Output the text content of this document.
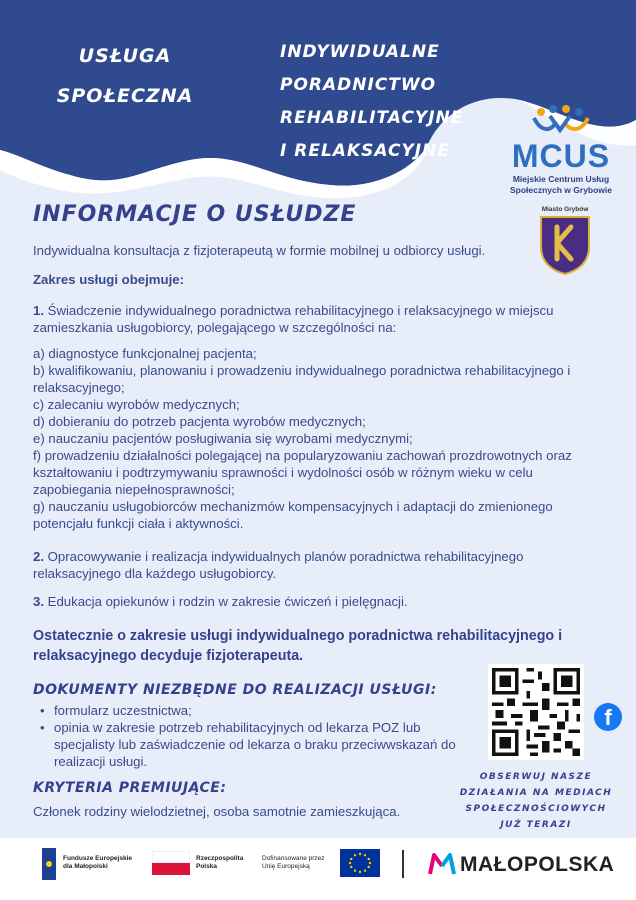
USŁUGA
SPOŁECZNA
INDYWIDUALNE PORADNICTWO
REHABILITACYJNE
I RELAKSACYJNE	MCUS
Miejskie Centrum Usług
Społecznych w Grybowie
Miasto Grybów
INFORMACJE O USŁUDZE
Indywidualna konsultacja z fizjoterapeutą w formie mobilnej u odbiorcy usługi.
Zakres usługi obejmuje:
1. Świadczenie indywidualnego poradnictwa rehabilitacyjnego i relaksacyjnego w miejscu zamieszkania usługobiorcy, polegającego w szczególności na:
a) diagnostyce funkcjonalnej pacjenta;
b) kwalifikowaniu, planowaniu i prowadzeniu indywidualnego poradnictwa rehabilitacyjnego i relaksacyjnego;
c) zalecaniu wyrobów medycznych;
d) dobieraniu do potrzeb pacjenta wyrobów medycznych;
e) nauczaniu pacjentów posługiwania się wyrobami medycznymi;
f) prowadzeniu działalności polegającej na popularyzowaniu zachowań prozdrowotnych oraz kształtowaniu i podtrzymywaniu sprawności i wydolności osób w różnym wieku w celu zapobiegania niepełnosprawności;
g) nauczaniu usługobiorców mechanizmów kompensacyjnych i adaptacji do zmienionego potencjału funkcji ciała i aktywności.
2. Opracowywanie i realizacja indywidualnych planów poradnictwa rehabilitacyjnego relaksacyjnego dla każdego usługobiorcy.
3. Edukacja opiekunów i rodzin w zakresie ćwiczeń i pielęgnacji.
Ostatecznie o zakresie usługi indywidualnego poradnictwa rehabilitacyjnego i relaksacyjnego decyduje fizjoterapeuta.
DOKUMENTY NIEZBĘDNE DO REALIZACJI USŁUGI:
• formularz uczestnictwa;
• opinia w zakresie potrzeb rehabilitacyjnych od lekarza POZ lub specjalisty lub zaświadczenie od lekarza o braku przeciwwskazań do realizacji usługi.
KRYTERIA PREMIUJĄCE:
Członek rodziny wielodzietnej, osoba samotnie zamieszkująca.
f
OBSERWUJ NASZE
DZIAŁANIA NA MEDIACH
SPOŁECZNOŚCIOWYCH
JUŻ TERAZI
Fundusze Europejskie
dla Małopolski
Rzeczpospolita
Polska
Dofinansowane przez
Unię Europejską	MAŁOPOLSKA
